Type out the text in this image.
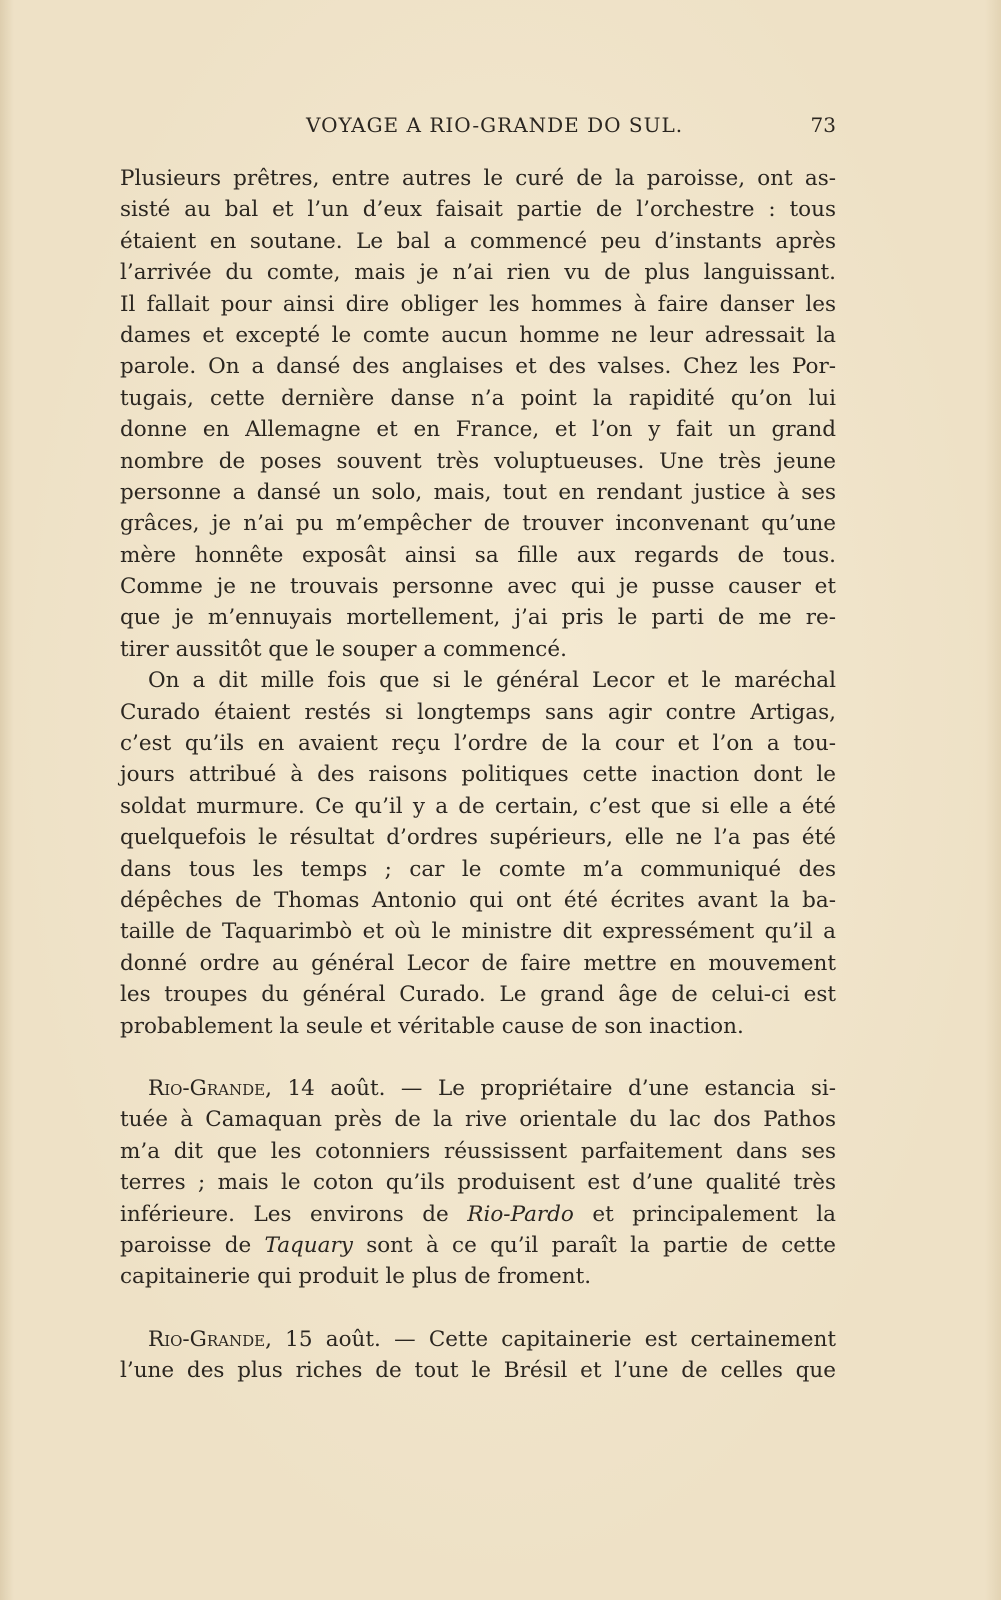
VOYAGE A RIO-GRANDE DO SUL.	73
Plusieurs prêtres, entre autres le curé de la paroisse, ont as-
sisté au bal et l’un d’eux faisait partie de l’orchestre : tous
étaient en soutane. Le bal a commencé peu d’instants après
l’arrivée du comte, mais je n’ai rien vu de plus languissant.
Il fallait pour ainsi dire obliger les hommes à faire danser les
dames et excepté le comte aucun homme ne leur adressait la
parole. On a dansé des anglaises et des valses. Chez les Por-
tugais, cette dernière danse n’a point la rapidité qu’on lui
donne en Allemagne et en France, et l’on y fait un grand
nombre de poses souvent très voluptueuses. Une très jeune
personne a dansé un solo, mais, tout en rendant justice à ses
grâces, je n’ai pu m’empêcher de trouver inconvenant qu’une
mère honnête exposât ainsi sa fille aux regards de tous.
Comme je ne trouvais personne avec qui je pusse causer et
que je m’ennuyais mortellement, j’ai pris le parti de me re-
tirer aussitôt que le souper a commencé.
On a dit mille fois que si le général Lecor et le maréchal
Curado étaient restés si longtemps sans agir contre Artigas,
c’est qu’ils en avaient reçu l’ordre de la cour et l’on a tou-
jours attribué à des raisons politiques cette inaction dont le
soldat murmure. Ce qu’il y a de certain, c’est que si elle a été
quelquefois le résultat d’ordres supérieurs, elle ne l’a pas été
dans tous les temps ; car le comte m’a communiqué des
dépêches de Thomas Antonio qui ont été écrites avant la ba-
taille de Taquarimbò et où le ministre dit expressément qu’il a
donné ordre au général Lecor de faire mettre en mouvement
les troupes du général Curado. Le grand âge de celui-ci est
probablement la seule et véritable cause de son inaction.
Rio-Grande, 14 août. — Le propriétaire d’une estancia si-
tuée à Camaquan près de la rive orientale du lac dos Pathos
m’a dit que les cotonniers réussissent parfaitement dans ses
terres ; mais le coton qu’ils produisent est d’une qualité très
inférieure. Les environs de Rio-Pardo et principalement la
paroisse de Taquary sont à ce qu’il paraît la partie de cette
capitainerie qui produit le plus de froment.
Rio-Grande, 15 août. — Cette capitainerie est certainement
l’une des plus riches de tout le Brésil et l’une de celles que
